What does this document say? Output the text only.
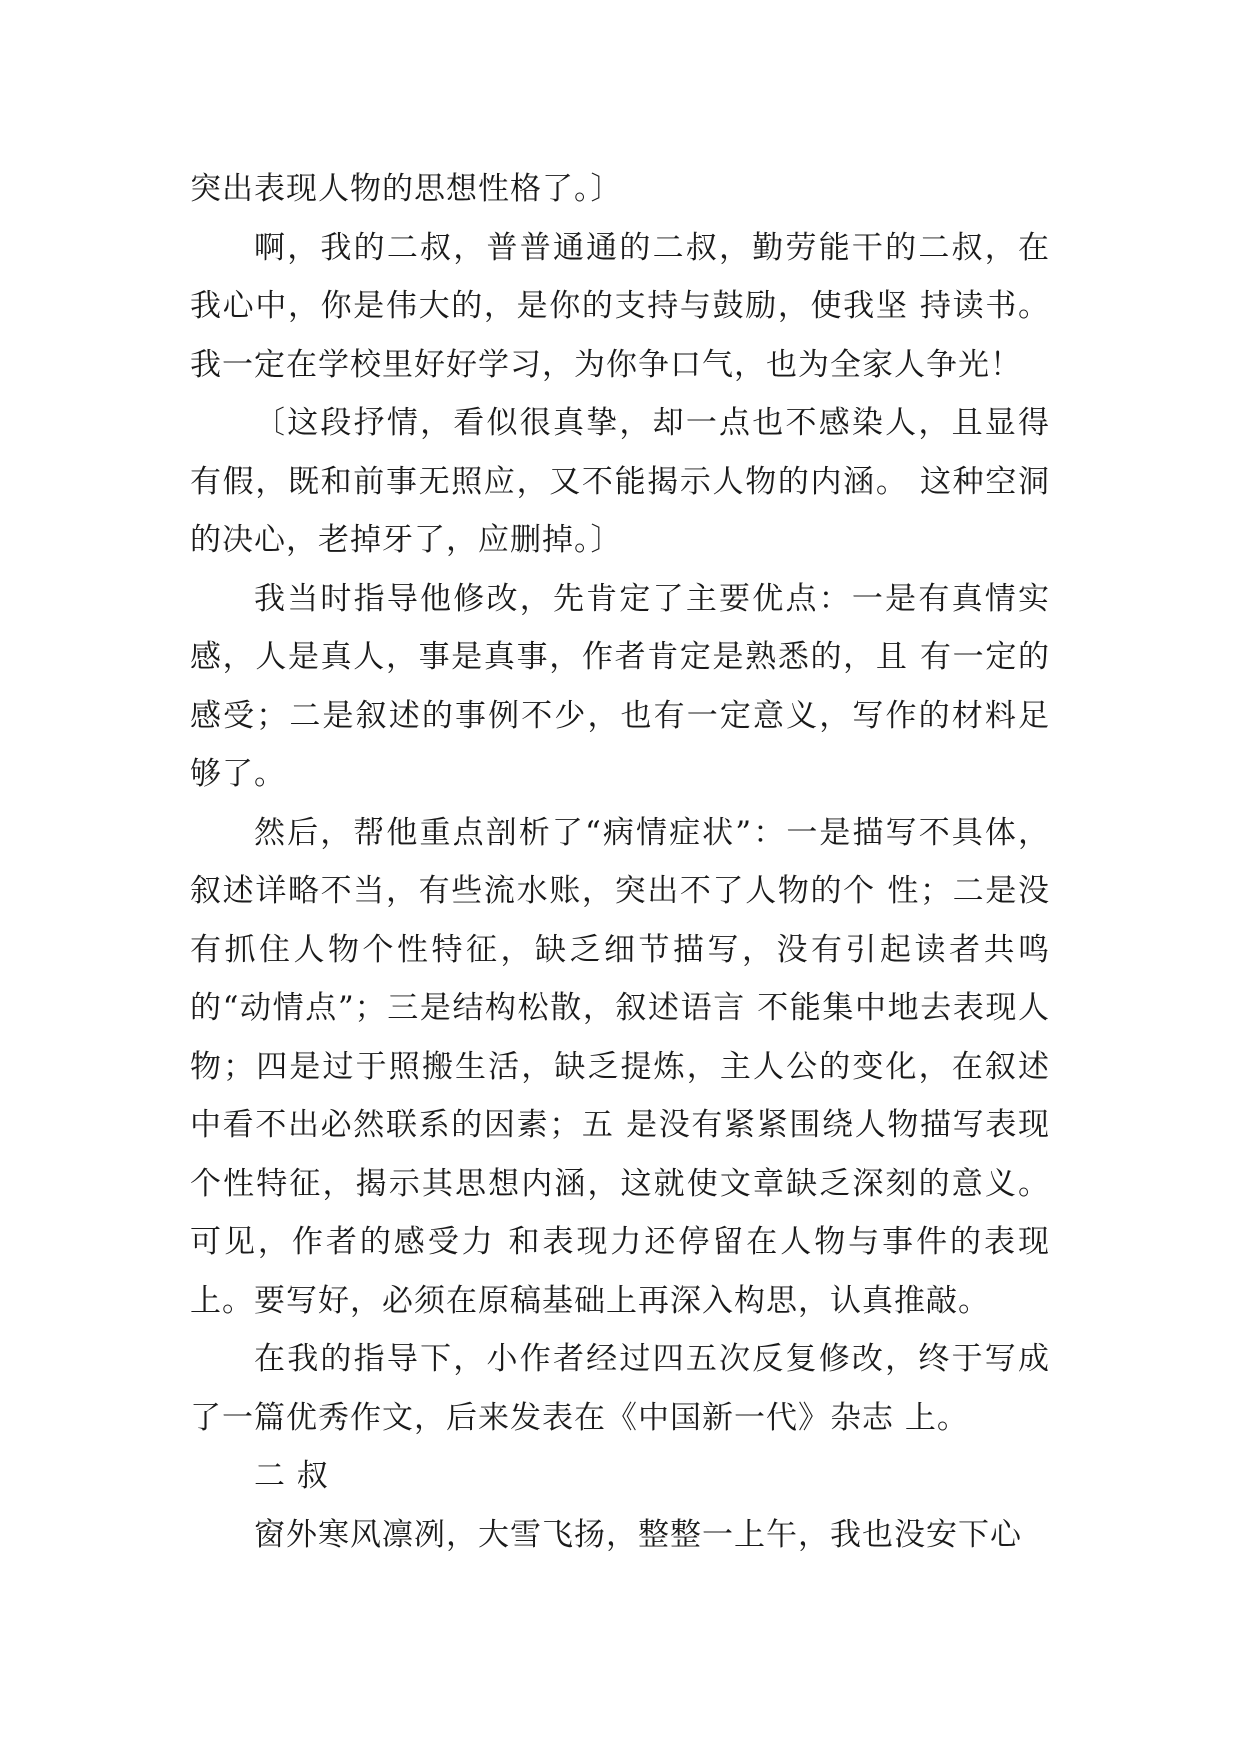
突出表现人物的思想性格了。〕

啊，我的二叔，普普通通的二叔，勤劳能干的二叔，在我心中，你是伟大的，是你的支持与鼓励，使我坚 持读书。我一定在学校里好好学习，为你争口气，也为全家人争光！

〔这段抒情，看似很真挚，却一点也不感染人，且显得有假，既和前事无照应，又不能揭示人物的内涵。 这种空洞的决心，老掉牙了，应删掉。〕

我当时指导他修改，先肯定了主要优点：一是有真情实感，人是真人，事是真事，作者肯定是熟悉的，且 有一定的感受；二是叙述的事例不少，也有一定意义，写作的材料足够了。

然后，帮他重点剖析了“病情症状”：一是描写不具体，叙述详略不当，有些流水账，突出不了人物的个 性；二是没有抓住人物个性特征，缺乏细节描写，没有引起读者共鸣的“动情点”；三是结构松散，叙述语言 不能集中地去表现人物；四是过于照搬生活，缺乏提炼，主人公的变化，在叙述中看不出必然联系的因素；五 是没有紧紧围绕人物描写表现个性特征，揭示其思想内涵，这就使文章缺乏深刻的意义。可见，作者的感受力 和表现力还停留在人物与事件的表现上。要写好，必须在原稿基础上再深入构思，认真推敲。

在我的指导下，小作者经过四五次反复修改，终于写成了一篇优秀作文，后来发表在《中国新一代》杂志 上。

二 叔

窗外寒风凛冽，大雪飞扬，整整一上午，我也没安下心
